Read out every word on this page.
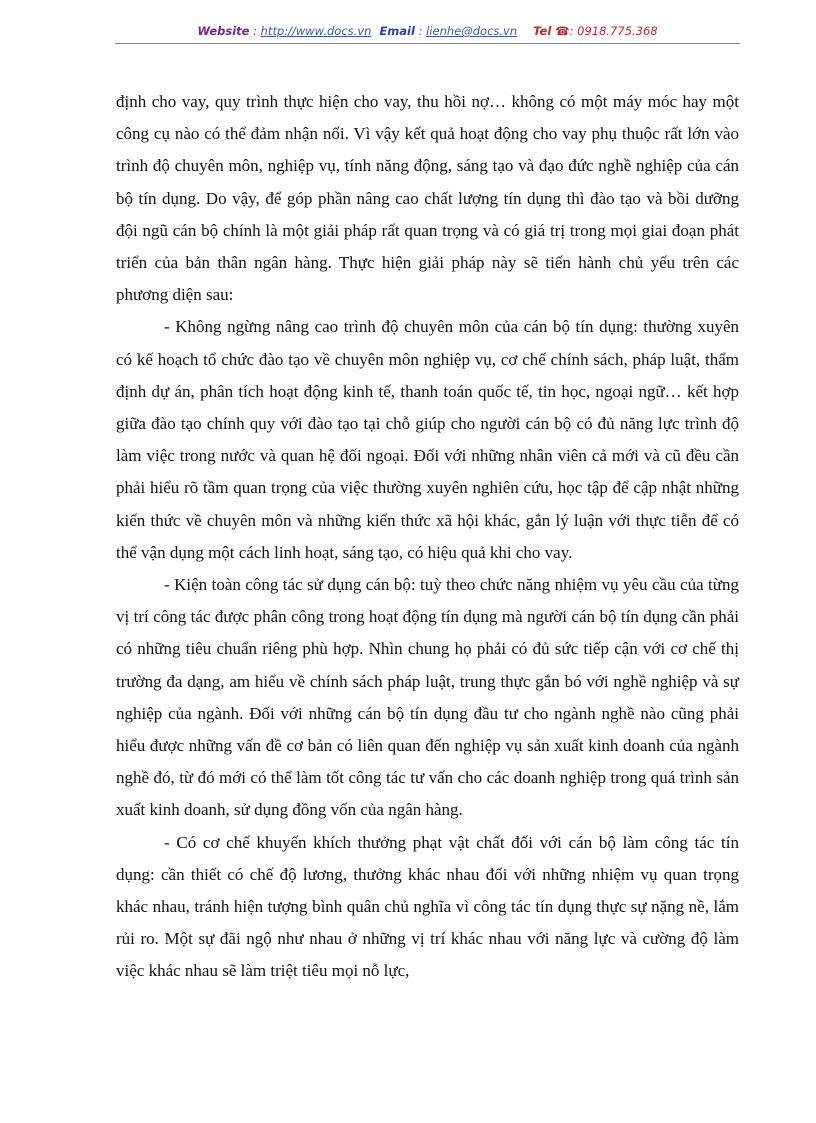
Website : http://www.docs.vn Email : lienhe@docs.vn Tel ☎: 0918.775.368

định cho vay, quy trình thực hiện cho vay, thu hồi nợ… không có một máy móc hay một công cụ nào có thể đảm nhận nổi. Vì vậy kết quả hoạt động cho vay phụ thuộc rất lớn vào trình độ chuyên môn, nghiệp vụ, tính năng động, sáng tạo và đạo đức nghề nghiệp của cán bộ tín dụng. Do vậy, để góp phần nâng cao chất lượng tín dụng thì đào tạo và bồi dưỡng đội ngũ cán bộ chính là một giải pháp rất quan trọng và có giá trị trong mọi giai đoạn phát triển của bản thân ngân hàng. Thực hiện giải pháp này sẽ tiến hành chủ yếu trên các phương diện sau:

- Không ngừng nâng cao trình độ chuyên môn của cán bộ tín dụng: thường xuyên có kế hoạch tổ chức đào tạo về chuyên môn nghiệp vụ, cơ chế chính sách, pháp luật, thẩm định dự án, phân tích hoạt động kinh tế, thanh toán quốc tế, tin học, ngoại ngữ… kết hợp giữa đào tạo chính quy với đào tạo tại chỗ giúp cho người cán bộ có đủ năng lực trình độ làm việc trong nước và quan hệ đối ngoại. Đối với những nhân viên cả mới và cũ đều cần phải hiểu rõ tầm quan trọng của việc thường xuyên nghiên cứu, học tập để cập nhật những kiến thức về chuyên môn và những kiến thức xã hội khác, gắn lý luận với thực tiễn để có thể vận dụng một cách linh hoạt, sáng tạo, có hiệu quả khi cho vay.

- Kiện toàn công tác sử dụng cán bộ: tuỳ theo chức năng nhiệm vụ yêu cầu của từng vị trí công tác được phân công trong hoạt động tín dụng mà người cán bộ tín dụng cần phải có những tiêu chuẩn riêng phù hợp. Nhìn chung họ phải có đủ sức tiếp cận với cơ chế thị trường đa dạng, am hiểu về chính sách pháp luật, trung thực gắn bó với nghề nghiệp và sự nghiệp của ngành. Đối với những cán bộ tín dụng đầu tư cho ngành nghề nào cũng phải hiểu được những vấn đề cơ bản có liên quan đến nghiệp vụ sản xuất kinh doanh của ngành nghề đó, từ đó mới có thể làm tốt công tác tư vấn cho các doanh nghiệp trong quá trình sản xuất kinh doanh, sử dụng đồng vốn của ngân hàng.

- Có cơ chế khuyến khích thưởng phạt vật chất đối với cán bộ làm công tác tín dụng: cần thiết có chế độ lương, thưởng khác nhau đối với những nhiệm vụ quan trọng khác nhau, tránh hiện tượng bình quân chủ nghĩa vì công tác tín dụng thực sự nặng nề, lắm rủi ro. Một sự đãi ngộ như nhau ở những vị trí khác nhau với năng lực và cường độ làm việc khác nhau sẽ làm triệt tiêu mọi nỗ lực,
